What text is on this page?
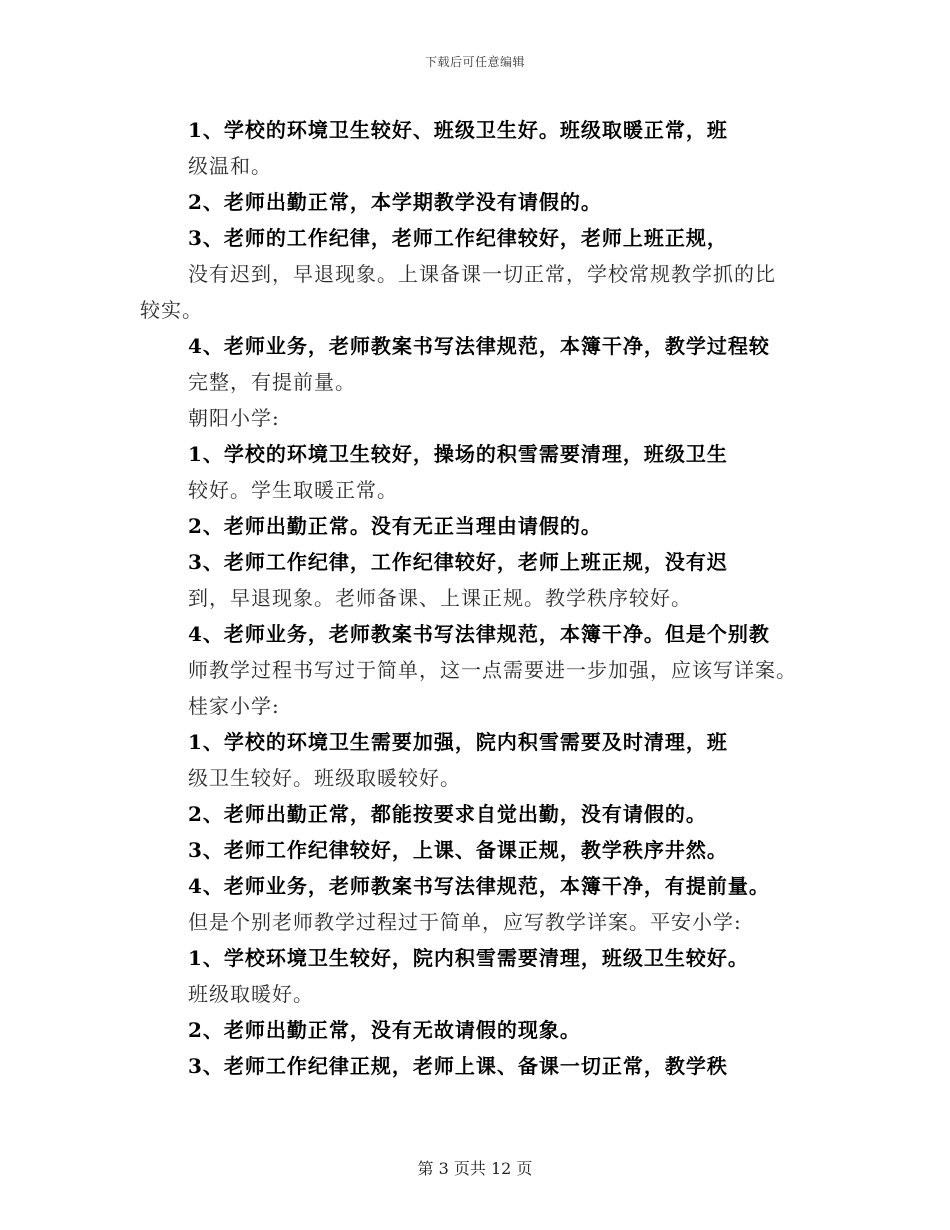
下载后可任意编辑
1、学校的环境卫生较好、班级卫生好。班级取暖正常，班
级温和。
2、老师出勤正常，本学期教学没有请假的。
3、老师的工作纪律，老师工作纪律较好，老师上班正规，
没有迟到，早退现象。上课备课一切正常，学校常规教学抓的比
较实。
4、老师业务，老师教案书写法律规范，本簿干净，教学过程较
完整，有提前量。
朝阳小学:
1、学校的环境卫生较好，操场的积雪需要清理，班级卫生
较好。学生取暖正常。
2、老师出勤正常。没有无正当理由请假的。
3、老师工作纪律，工作纪律较好，老师上班正规，没有迟
到，早退现象。老师备课、上课正规。教学秩序较好。
4、老师业务，老师教案书写法律规范，本簿干净。但是个别教
师教学过程书写过于简单，这一点需要进一步加强，应该写详案。
桂家小学:
1、学校的环境卫生需要加强，院内积雪需要及时清理，班
级卫生较好。班级取暖较好。
2、老师出勤正常，都能按要求自觉出勤，没有请假的。
3、老师工作纪律较好，上课、备课正规，教学秩序井然。
4、老师业务，老师教案书写法律规范，本簿干净，有提前量。
但是个别老师教学过程过于简单，应写教学详案。平安小学:
1、学校环境卫生较好，院内积雪需要清理，班级卫生较好。
班级取暖好。
2、老师出勤正常，没有无故请假的现象。
3、老师工作纪律正规，老师上课、备课一切正常，教学秩
第 3 页共 12 页
